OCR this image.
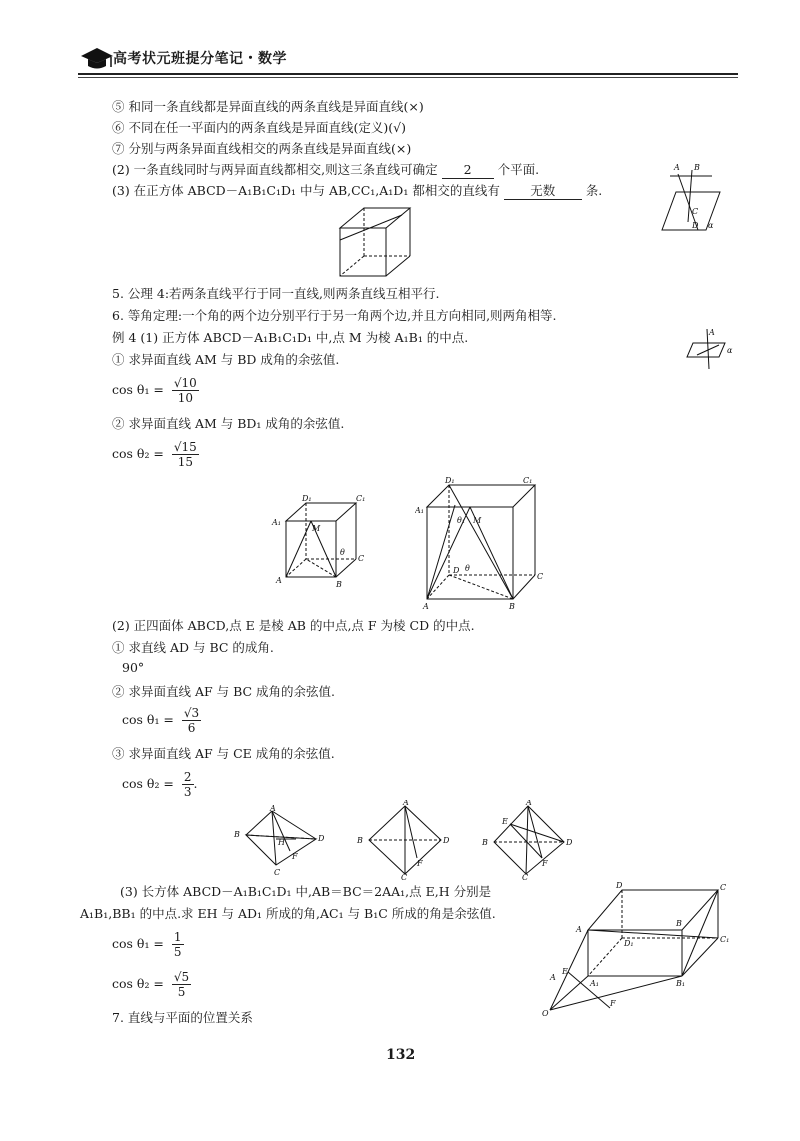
高考状元班提分笔记・数学
⑤ 和同一条直线都是异面直线的两条直线是异面直线(×)
⑥ 不同在任一平面内的两条直线是异面直线(定义)(√)
⑦ 分别与两条异面直线相交的两条直线是异面直线(×)
(2) 一条直线同时与两异面直线都相交,则这三条直线可确定 2 个平面.
(3) 在正方体 ABCD－A₁B₁C₁D₁ 中与 AB,CC₁,A₁D₁ 都相交的直线有 无数 条.
A B
C
D α
5. 公理 4:若两条直线平行于同一直线,则两条直线互相平行.
6. 等角定理:一个角的两个边分别平行于另一角两个边,并且方向相同,则两角相等.
例 4 (1) 正方体 ABCD－A₁B₁C₁D₁ 中,点 M 为棱 A₁B₁ 的中点.	A
α
① 求异面直线 AM 与 BD 成角的余弦值.
$\cos \theta_1 = \frac{√10}{10}$
② 求异面直线 AM 与 BD₁ 成角的余弦值.
$\cos \theta_2 = \frac{√15}{15}$
D₁	C₁
A₁
M
C
B
A
θ
D₁	C₁
A₁
M
θ₁
C
D θ
B
A
(2) 正四面体 ABCD,点 E 是棱 AB 的中点,点 F 为棱 CD 的中点.
① 求直线 AD 与 BC 的成角.
90°
② 求异面直线 AF 与 BC 成角的余弦值.
$\cos \theta_1 = \frac{√3}{6}$
③ 求异面直线 AF 与 CE 成角的余弦值.
$\cos \theta_2 = \frac{2}{3}$ .
A
B	D
H
F
C
A
B	D
F
C
A
E
B	D
F
C
(3) 长方体 ABCD－A₁B₁C₁D₁ 中,AB＝BC＝2AA₁,点 E,H 分别是
A₁B₁,BB₁ 的中点.求 EH 与 AD₁ 所成的角,AC₁ 与 B₁C 所成的角是余弦值.
$\cos \theta_1 = \frac{1}{5}$
$\cos \theta_2 = \frac{√5}{5}$
D	C
A
B
D₁	C₁
A₁	B₁
E
A
F
O
7. 直线与平面的位置关系
132
